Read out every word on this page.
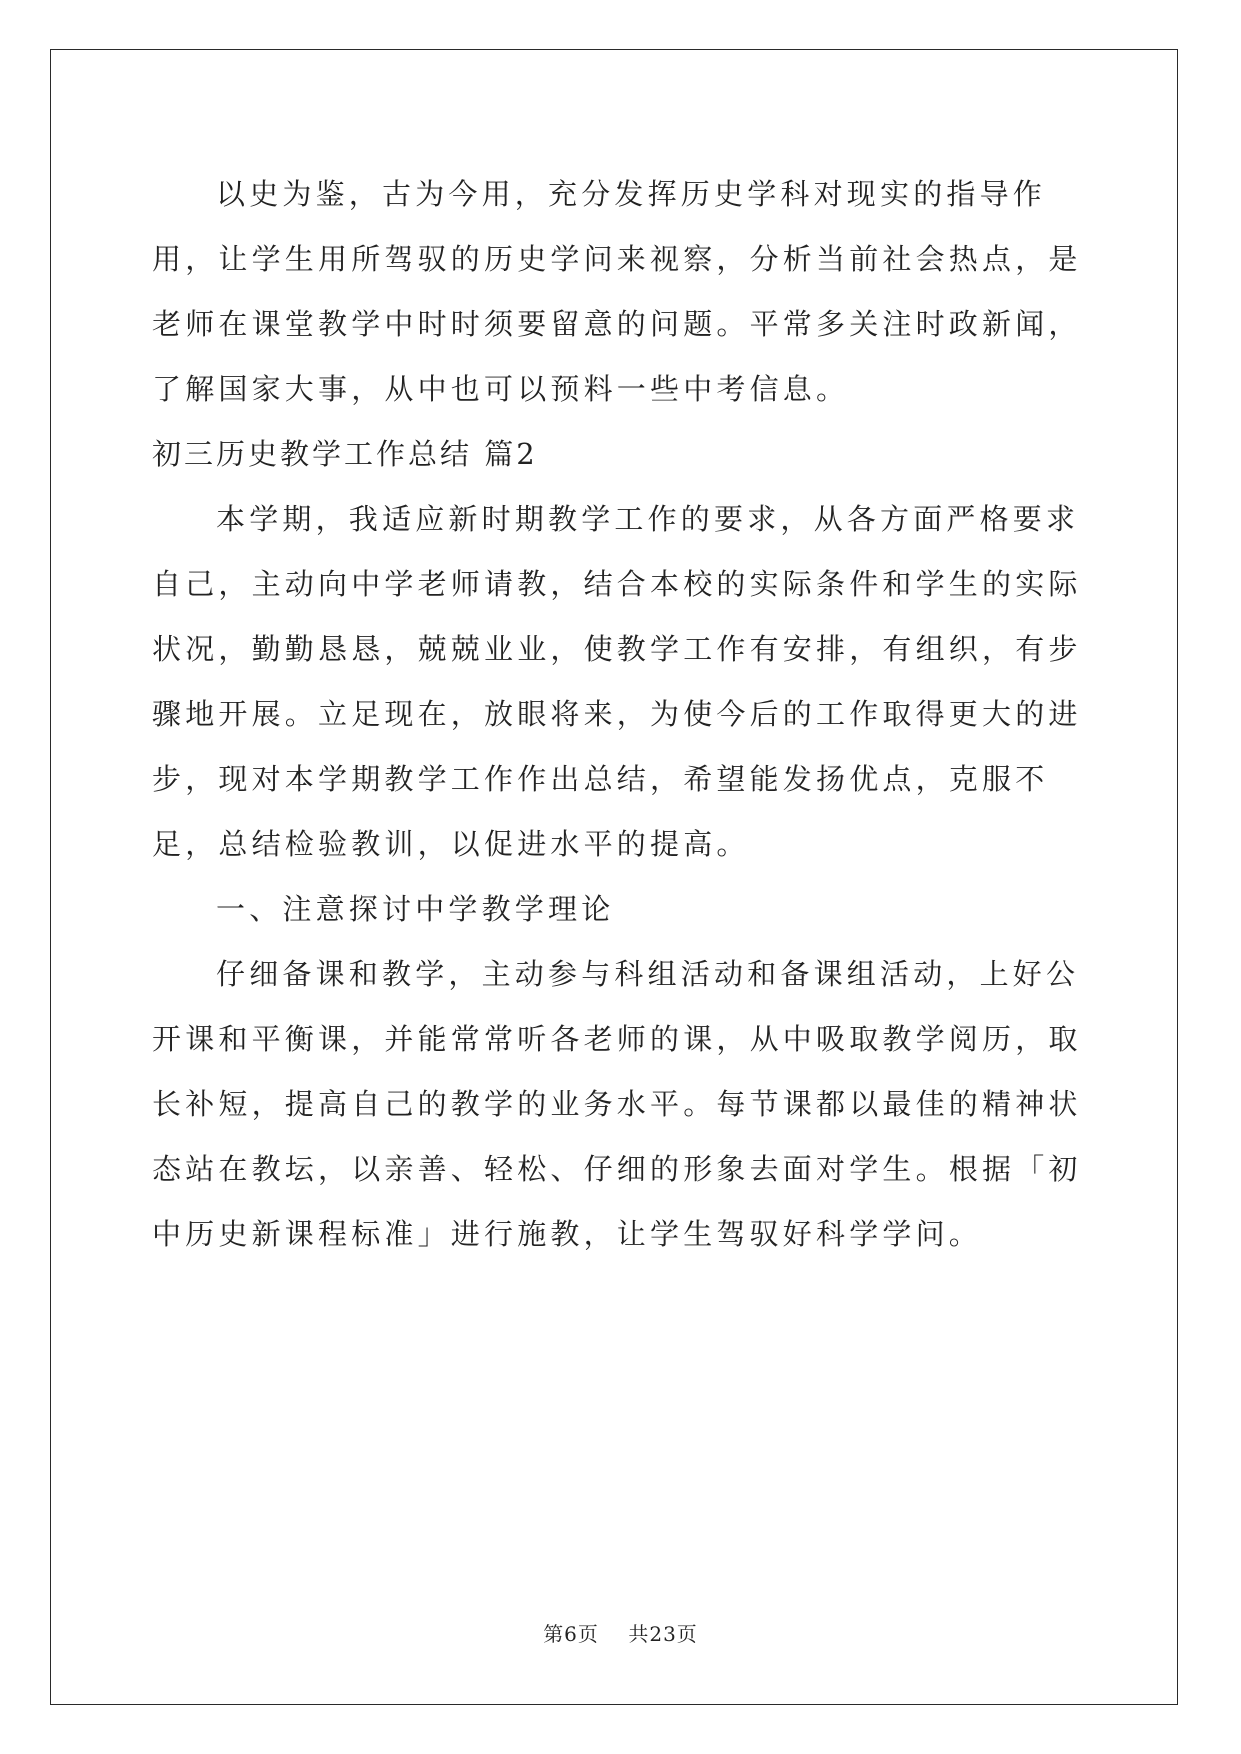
以史为鉴，古为今用，充分发挥历史学科对现实的指导作用，让学生用所驾驭的历史学问来视察，分析当前社会热点，是老师在课堂教学中时时须要留意的问题。平常多关注时政新闻，了解国家大事，从中也可以预料一些中考信息。

初三历史教学工作总结 篇2

本学期，我适应新时期教学工作的要求，从各方面严格要求自己，主动向中学老师请教，结合本校的实际条件和学生的实际状况，勤勤恳恳，兢兢业业，使教学工作有安排，有组织，有步骤地开展。立足现在，放眼将来，为使今后的工作取得更大的进步，现对本学期教学工作作出总结，希望能发扬优点，克服不足，总结检验教训，以促进水平的提高。

一、注意探讨中学教学理论

仔细备课和教学，主动参与科组活动和备课组活动，上好公开课和平衡课，并能常常听各老师的课，从中吸取教学阅历，取长补短，提高自己的教学的业务水平。每节课都以最佳的精神状态站在教坛，以亲善、轻松、仔细的形象去面对学生。根据「初中历史新课程标准」进行施教，让学生驾驭好科学学问。

第6页    共23页
